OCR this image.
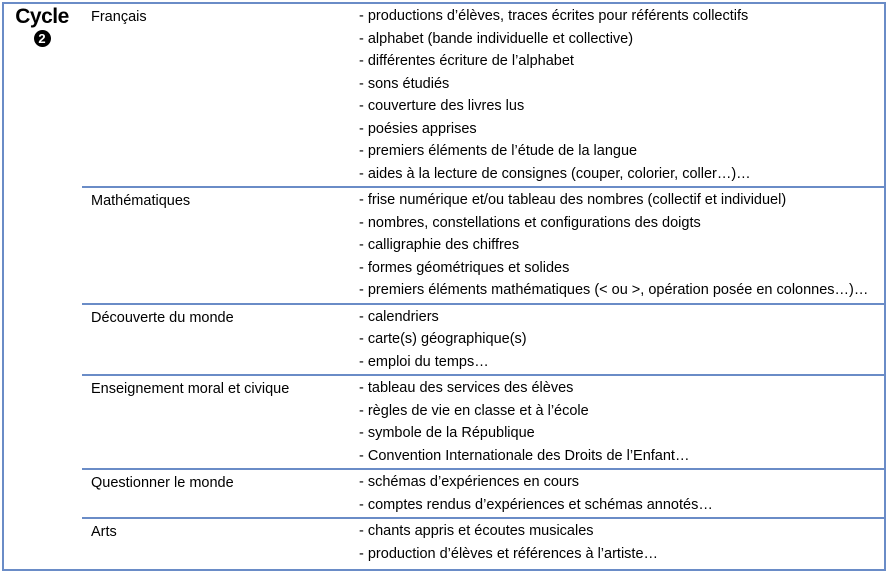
Cycle
2
Français	- productions d’élèves, traces écrites pour référents collectifs
- alphabet (bande individuelle et collective)
- différentes écriture de l’alphabet
- sons étudiés
- couverture des livres lus
- poésies apprises
- premiers éléments de l’étude de la langue
- aides à la lecture de consignes (couper, colorier, coller…)…
Mathématiques	- frise numérique et/ou tableau des nombres (collectif et individuel)
- nombres, constellations et configurations des doigts
- calligraphie des chiffres
- formes géométriques et solides
- premiers éléments mathématiques (< ou >, opération posée en colonnes…)…
Découverte du monde	- calendriers
- carte(s) géographique(s)
- emploi du temps…
Enseignement moral et civique	- tableau des services des élèves
- règles de vie en classe et à l’école
- symbole de la République
- Convention Internationale des Droits de l’Enfant…
Questionner le monde	- schémas d’expériences en cours
- comptes rendus d’expériences et schémas annotés…
Arts	- chants appris et écoutes musicales
- production d’élèves et références à l’artiste…
